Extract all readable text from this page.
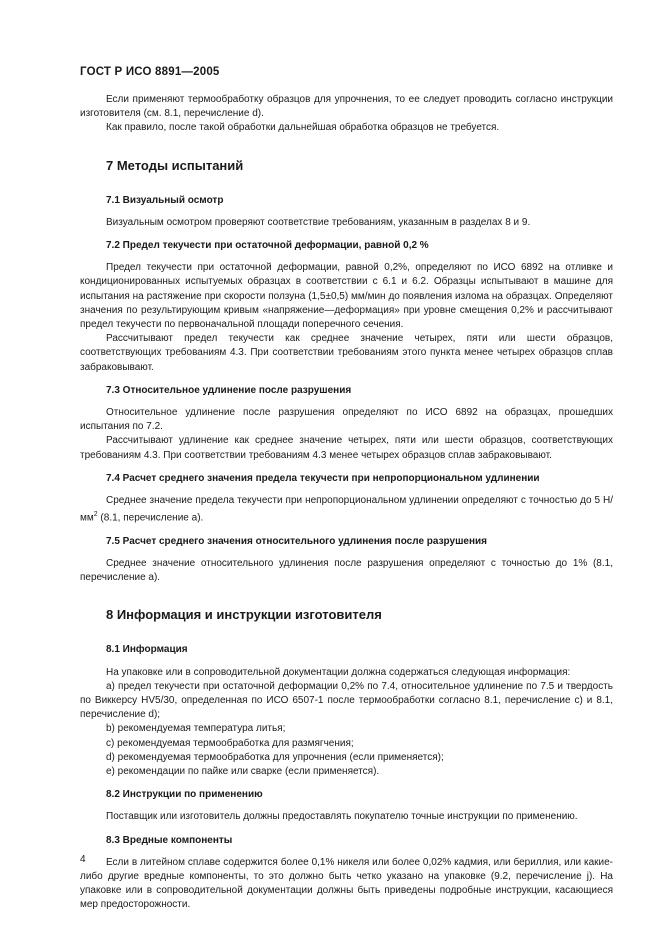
ГОСТ Р ИСО 8891—2005

Если применяют термообработку образцов для упрочнения, то ее следует проводить согласно инструкции изготовителя (см. 8.1, перечисление d).

Как правило, после такой обработки дальнейшая обработка образцов не требуется.

7 Методы испытаний
7.1 Визуальный осмотр

Визуальным осмотром проверяют соответствие требованиям, указанным в разделах 8 и 9.

7.2 Предел текучести при остаточной деформации, равной 0,2 %

Предел текучести при остаточной деформации, равной 0,2%, определяют по ИСО 6892 на отливке и кондиционированных испытуемых образцах в соответствии с 6.1 и 6.2. Образцы испытывают в машине для испытания на растяжение при скорости ползуна (1,5±0,5) мм/мин до появления излома на образцах. Определяют значения по результирующим кривым «напряжение—деформация» при уровне смещения 0,2% и рассчитывают предел текучести по первоначальной площади поперечного сечения.

Рассчитывают предел текучести как среднее значение четырех, пяти или шести образцов, соответствующих требованиям 4.3. При соответствии требованиям этого пункта менее четырех образцов сплав забраковывают.

7.3 Относительное удлинение после разрушения

Относительное удлинение после разрушения определяют по ИСО 6892 на образцах, прошедших испытания по 7.2.

Рассчитывают удлинение как среднее значение четырех, пяти или шести образцов, соответствующих требованиям 4.3. При соответствии требованиям 4.3 менее четырех образцов сплав забраковывают.

7.4 Расчет среднего значения предела текучести при непропорциональном удлинении

Среднее значение предела текучести при непропорциональном удлинении определяют с точностью до 5 $Н/мм^2$ (8.1, перечисление а).

7.5 Расчет среднего значения относительного удлинения после разрушения

Среднее значение относительного удлинения после разрушения определяют с точностью до 1% (8.1, перечисление а).

8 Информация и инструкции изготовителя
8.1 Информация

На упаковке или в сопроводительной документации должна содержаться следующая информация:

а) предел текучести при остаточной деформации 0,2% по 7.4, относительное удлинение по 7.5 и твердость по Виккерсу HV5/30, определенная по ИСО 6507-1 после термообработки согласно 8.1, перечисление с) и 8.1, перечисление d);

b) рекомендуемая температура литья;

с) рекомендуемая термообработка для размягчения;

d) рекомендуемая термообработка для упрочнения (если применяется);

е) рекомендации по пайке или сварке (если применяется).

8.2 Инструкции по применению

Поставщик или изготовитель должны предоставлять покупателю точные инструкции по применению.

8.3 Вредные компоненты

Если в литейном сплаве содержится более 0,1% никеля или более 0,02% кадмия, или бериллия, или какие-либо другие вредные компоненты, то это должно быть четко указано на упаковке (9.2, перечисление j). На упаковке или в сопроводительной документации должны быть приведены подробные инструкции, касающиеся мер предосторожности.

4
